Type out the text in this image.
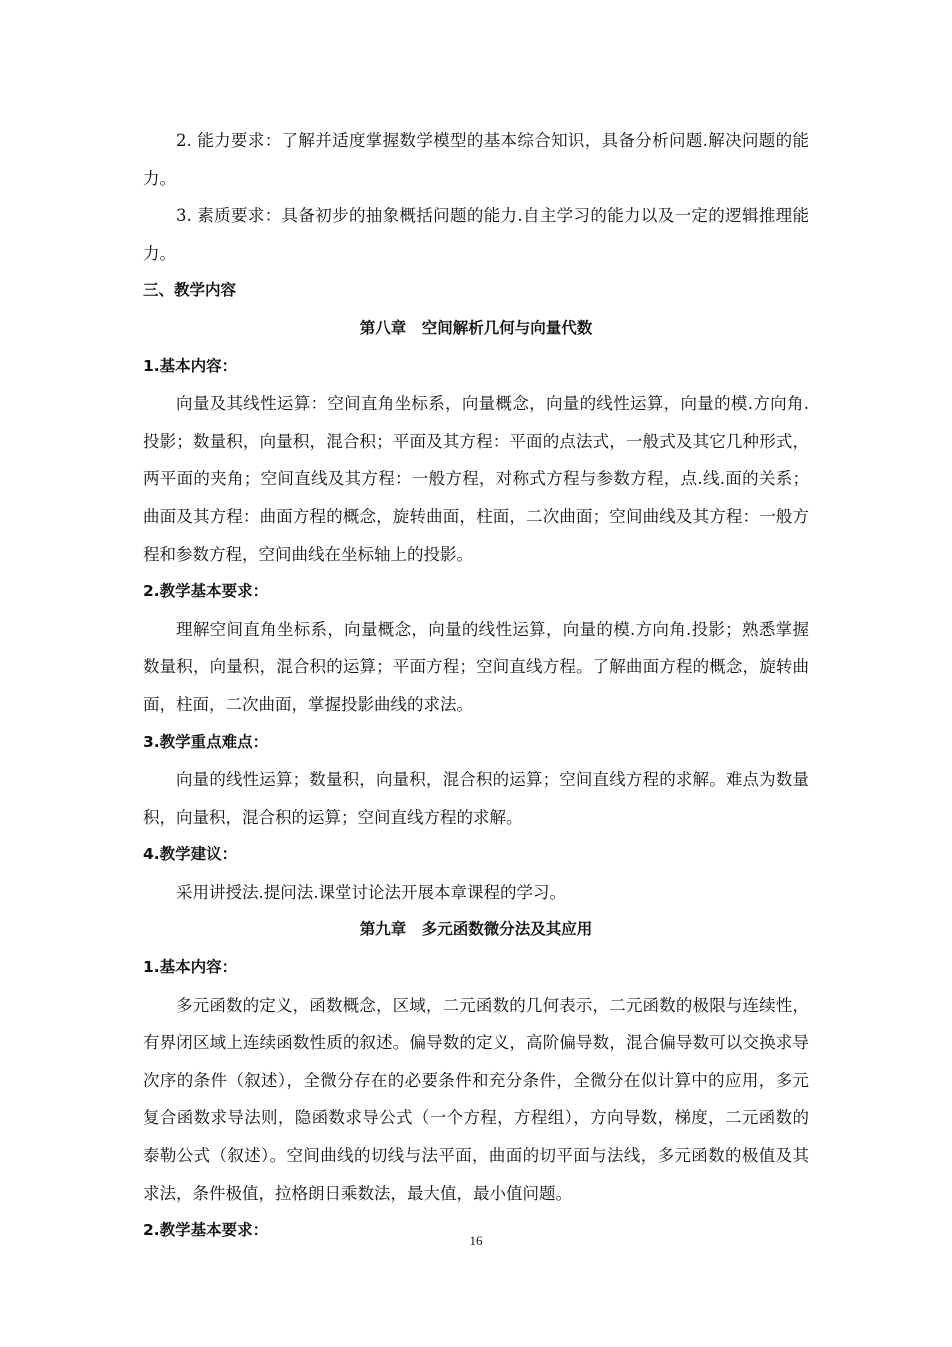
2. 能力要求：了解并适度掌握数学模型的基本综合知识，具备分析问题.解决问题的能力。

3. 素质要求：具备初步的抽象概括问题的能力.自主学习的能力以及一定的逻辑推理能力。

三、教学内容

第八章　空间解析几何与向量代数

1.基本内容：

向量及其线性运算：空间直角坐标系，向量概念，向量的线性运算，向量的模.方向角.投影；数量积，向量积，混合积；平面及其方程：平面的点法式，一般式及其它几种形式，两平面的夹角；空间直线及其方程：一般方程，对称式方程与参数方程，点.线.面的关系；曲面及其方程：曲面方程的概念，旋转曲面，柱面，二次曲面；空间曲线及其方程：一般方程和参数方程，空间曲线在坐标轴上的投影。

2.教学基本要求：

理解空间直角坐标系，向量概念，向量的线性运算，向量的模.方向角.投影；熟悉掌握数量积，向量积，混合积的运算；平面方程；空间直线方程。了解曲面方程的概念，旋转曲面，柱面，二次曲面，掌握投影曲线的求法。

3.教学重点难点：

向量的线性运算；数量积，向量积，混合积的运算；空间直线方程的求解。难点为数量积，向量积，混合积的运算；空间直线方程的求解。

4.教学建议：

采用讲授法.提问法.课堂讨论法开展本章课程的学习。

第九章　多元函数微分法及其应用

1.基本内容：

多元函数的定义，函数概念，区域，二元函数的几何表示，二元函数的极限与连续性，有界闭区域上连续函数性质的叙述。偏导数的定义，高阶偏导数，混合偏导数可以交换求导次序的条件（叙述），全微分存在的必要条件和充分条件，全微分在似计算中的应用，多元复合函数求导法则，隐函数求导公式（一个方程，方程组），方向导数，梯度，二元函数的泰勒公式（叙述）。空间曲线的切线与法平面，曲面的切平面与法线，多元函数的极值及其求法，条件极值，拉格朗日乘数法，最大值，最小值问题。

2.教学基本要求：

16
